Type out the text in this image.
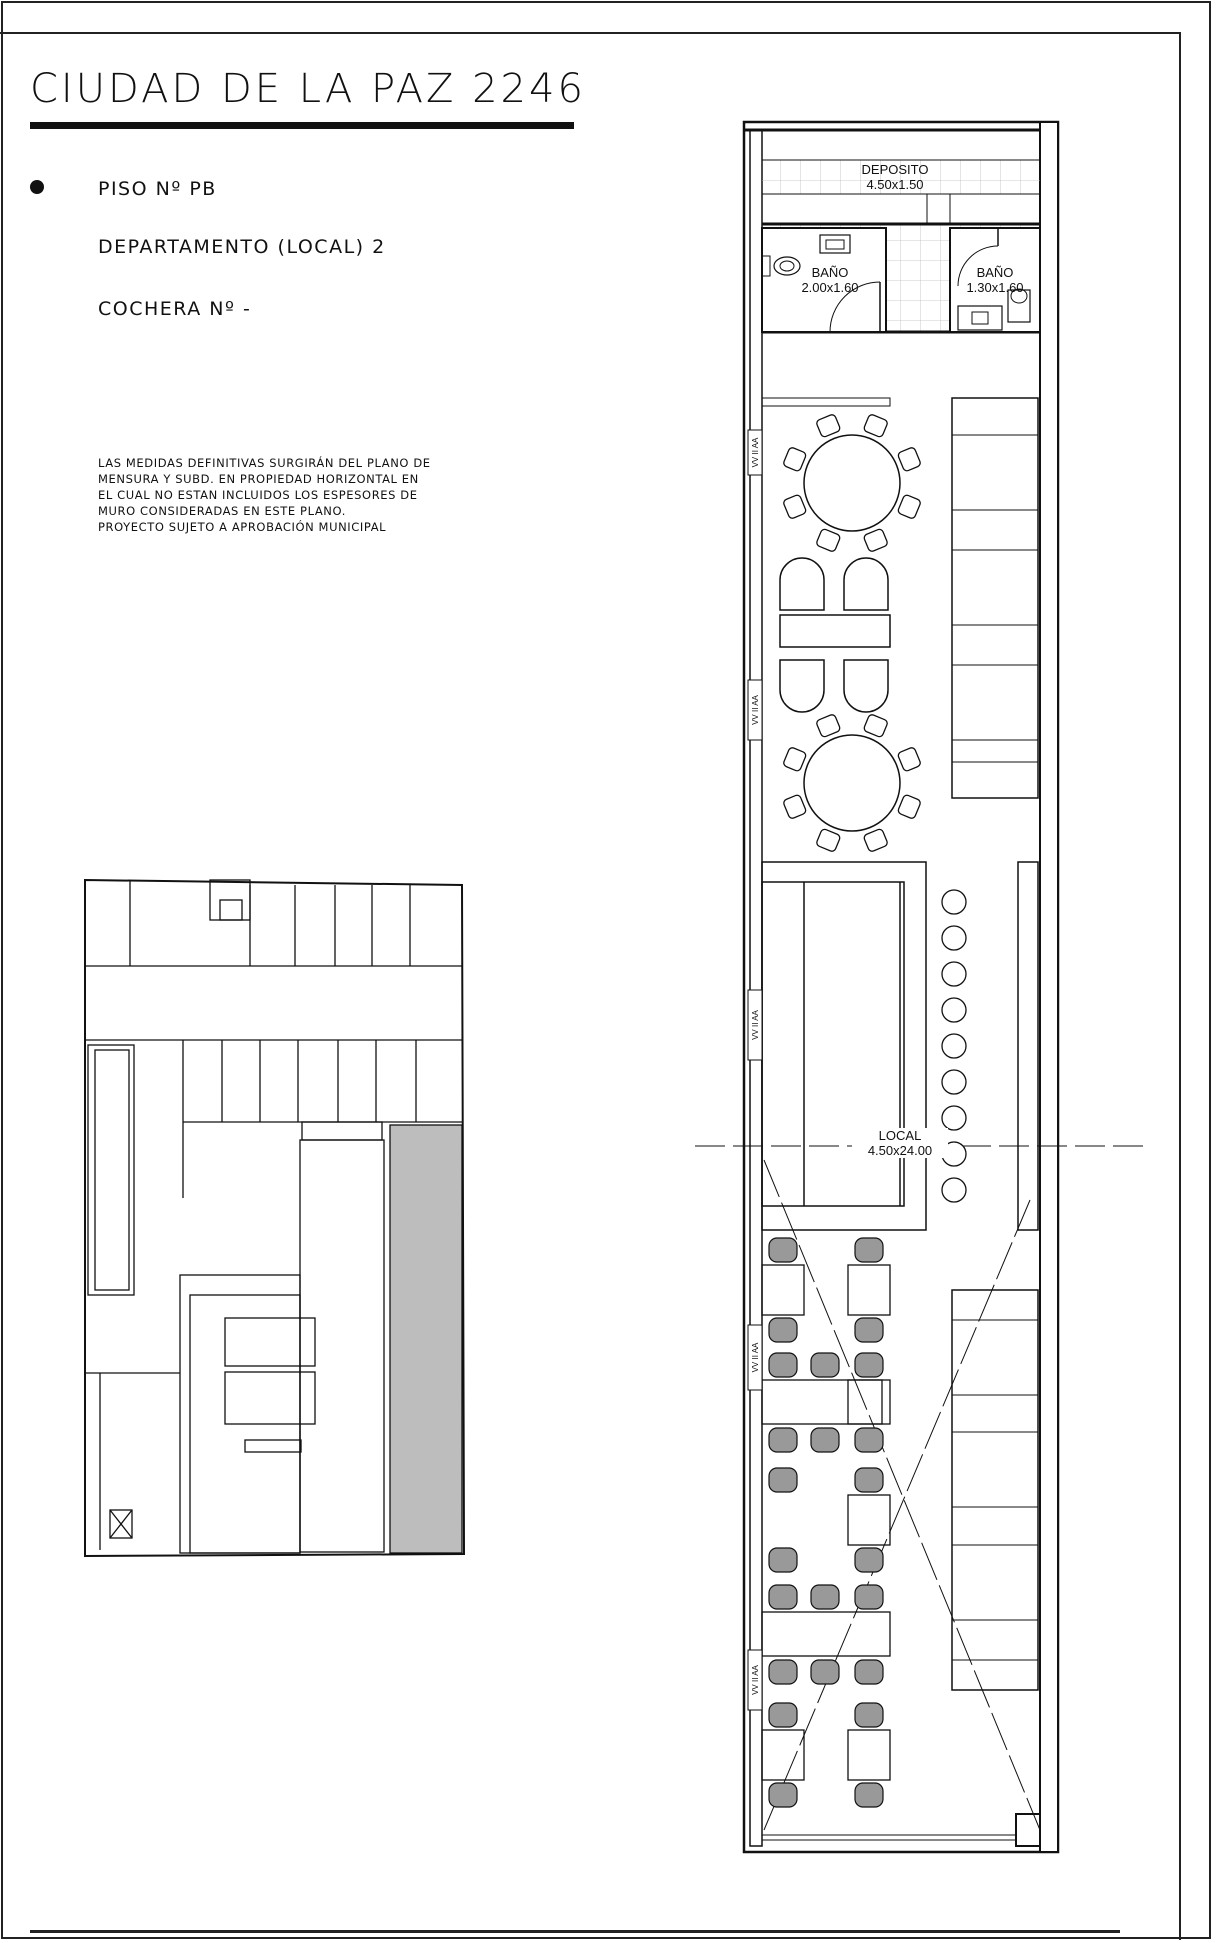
CIUDAD DE LA PAZ 2246

PISO Nº PB

DEPARTAMENTO (LOCAL) 2

COCHERA Nº -

LAS MEDIDAS DEFINITIVAS SURGIRÁN DEL PLANO DE
MENSURA Y SUBD. EN PROPIEDAD HORIZONTAL EN
EL CUAL NO ESTAN INCLUIDOS LOS ESPESORES DE
MURO CONSIDERADAS EN ESTE PLANO.
PROYECTO SUJETO A APROBACIÓN MUNICIPAL
VV II AA
VV II AA
VV II AA
VV II AA
VV II AA
DEPOSITO
4.50x1.50
BAÑO
2.00x1.60
BAÑO
1.30x1.60
LOCAL
4.50x24.00
